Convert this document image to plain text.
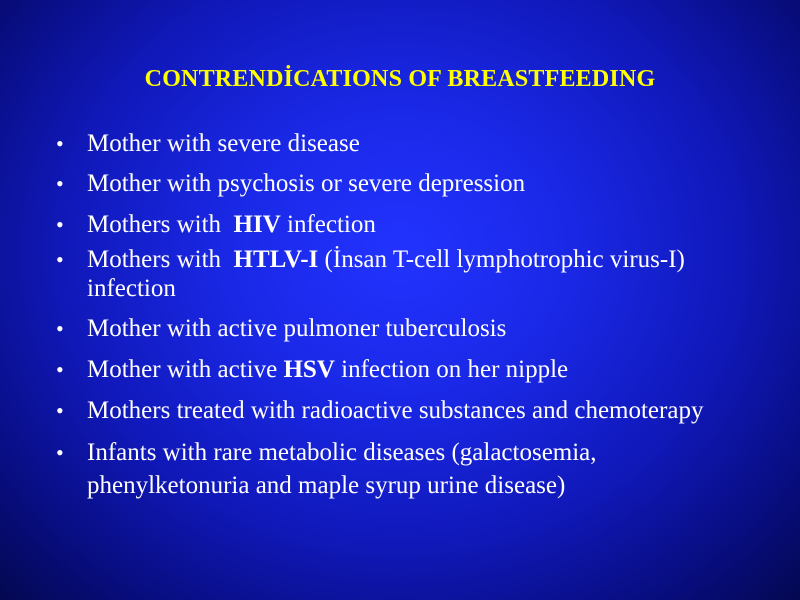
CONTRENDİCATIONS OF BREASTFEEDING
• Mother with severe disease
• Mother with psychosis or severe depression
• Mothers with  HIV infection
• Mothers with  HTLV-I (İnsan T-cell lymphotrophic virus-I) infection
• Mother with active pulmoner tuberculosis
• Mother with active HSV infection on her nipple
• Mothers treated with radioactive substances and chemoterapy
• Infants with rare metabolic diseases (galactosemia, phenylketonuria and maple syrup urine disease)
